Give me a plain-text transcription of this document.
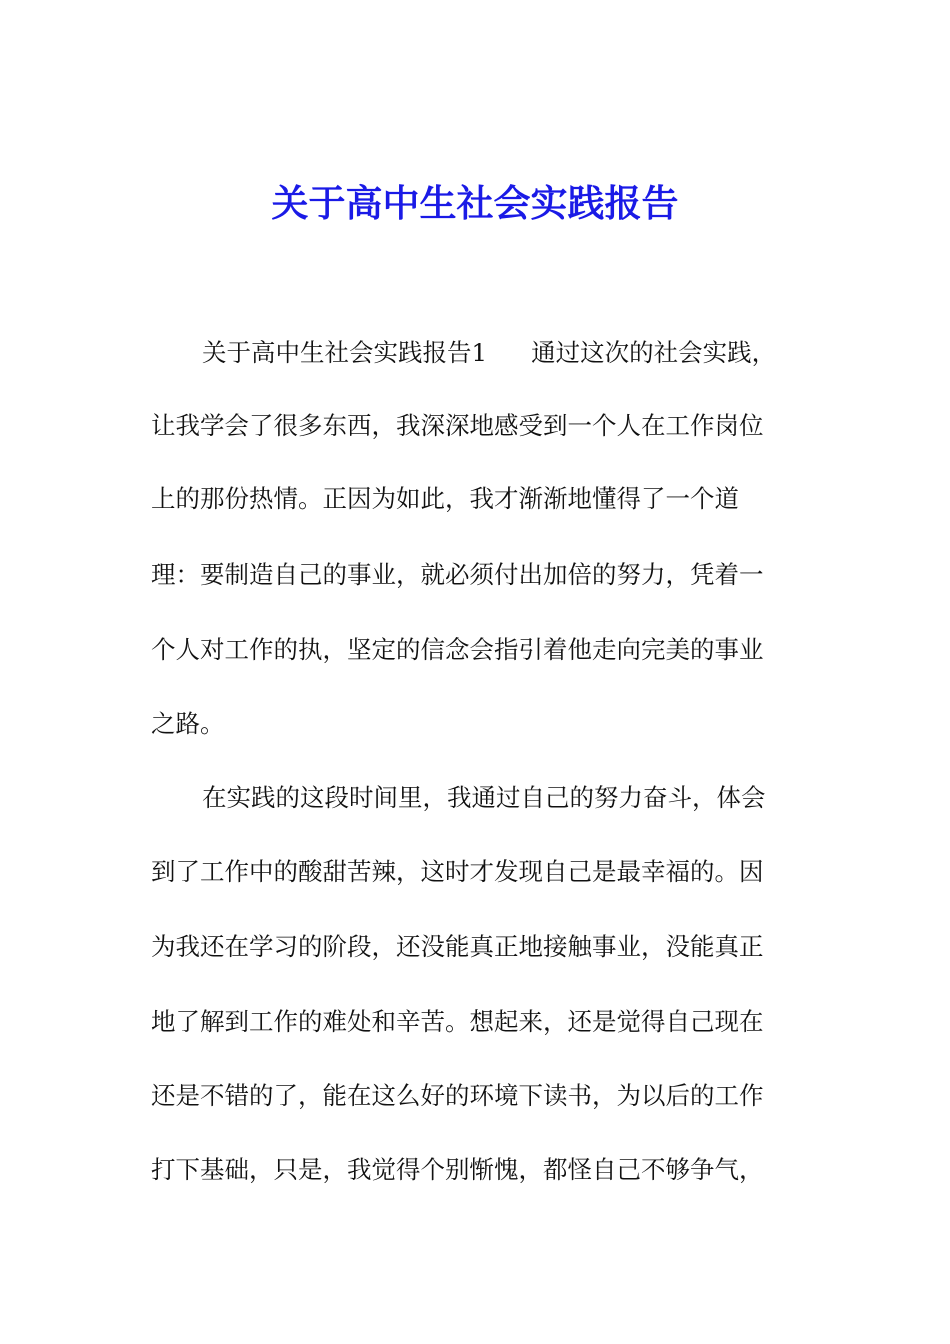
关于高中生社会实践报告
关于高中生社会实践报告1 通过这次的社会实践，
让我学会了很多东西，我深深地感受到一个人在工作岗位
上的那份热情。正因为如此，我才渐渐地懂得了一个道
理：要制造自己的事业，就必须付出加倍的努力，凭着一
个人对工作的执，坚定的信念会指引着他走向完美的事业
之路。
在实践的这段时间里，我通过自己的努力奋斗，体会
到了工作中的酸甜苦辣，这时才发现自己是最幸福的。因
为我还在学习的阶段，还没能真正地接触事业，没能真正
地了解到工作的难处和辛苦。想起来，还是觉得自己现在
还是不错的了，能在这么好的环境下读书，为以后的工作
打下基础，只是，我觉得个别惭愧，都怪自己不够争气，
